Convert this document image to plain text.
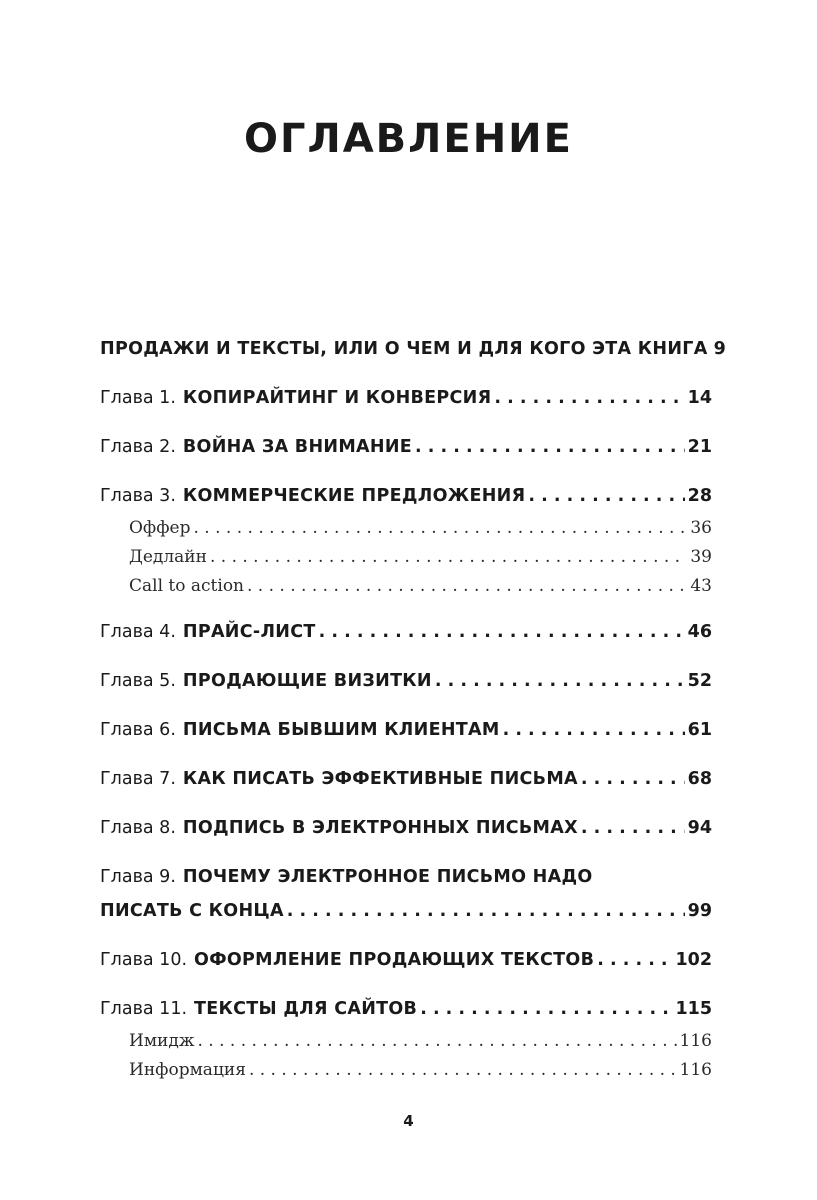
ОГЛАВЛЕНИЕ
ПРОДАЖИ И ТЕКСТЫ, ИЛИ О ЧЕМ И ДЛЯ КОГО ЭТА КНИГА 9
Глава 1. КОПИРАЙТИНГ И КОНВЕРСИЯ . . .	14
Глава 2. ВОЙНА ЗА ВНИМАНИЕ . . .	21
Глава 3. КОММЕРЧЕСКИЕ ПРЕДЛОЖЕНИЯ . . .	28
Оффер . . .	36
Дедлайн . . .	39
Call to action . . .	43
Глава 4. ПРАЙС-ЛИСТ . . .	46
Глава 5. ПРОДАЮЩИЕ ВИЗИТКИ . . .	52
Глава 6. ПИСЬМА БЫВШИМ КЛИЕНТАМ . . .	61
Глава 7. КАК ПИСАТЬ ЭФФЕКТИВНЫЕ ПИСЬМА . . .	68
Глава 8. ПОДПИСЬ В ЭЛЕКТРОННЫХ ПИСЬМАХ . . .	94
Глава 9. ПОЧЕМУ ЭЛЕКТРОННОЕ ПИСЬМО НАДО
ПИСАТЬ С КОНЦА . . .	99
Глава 10. ОФОРМЛЕНИЕ ПРОДАЮЩИХ ТЕКСТОВ . . .	102
Глава 11. ТЕКСТЫ ДЛЯ САЙТОВ . . .	115
Имидж . . .	116
Информация . . .	116
4
